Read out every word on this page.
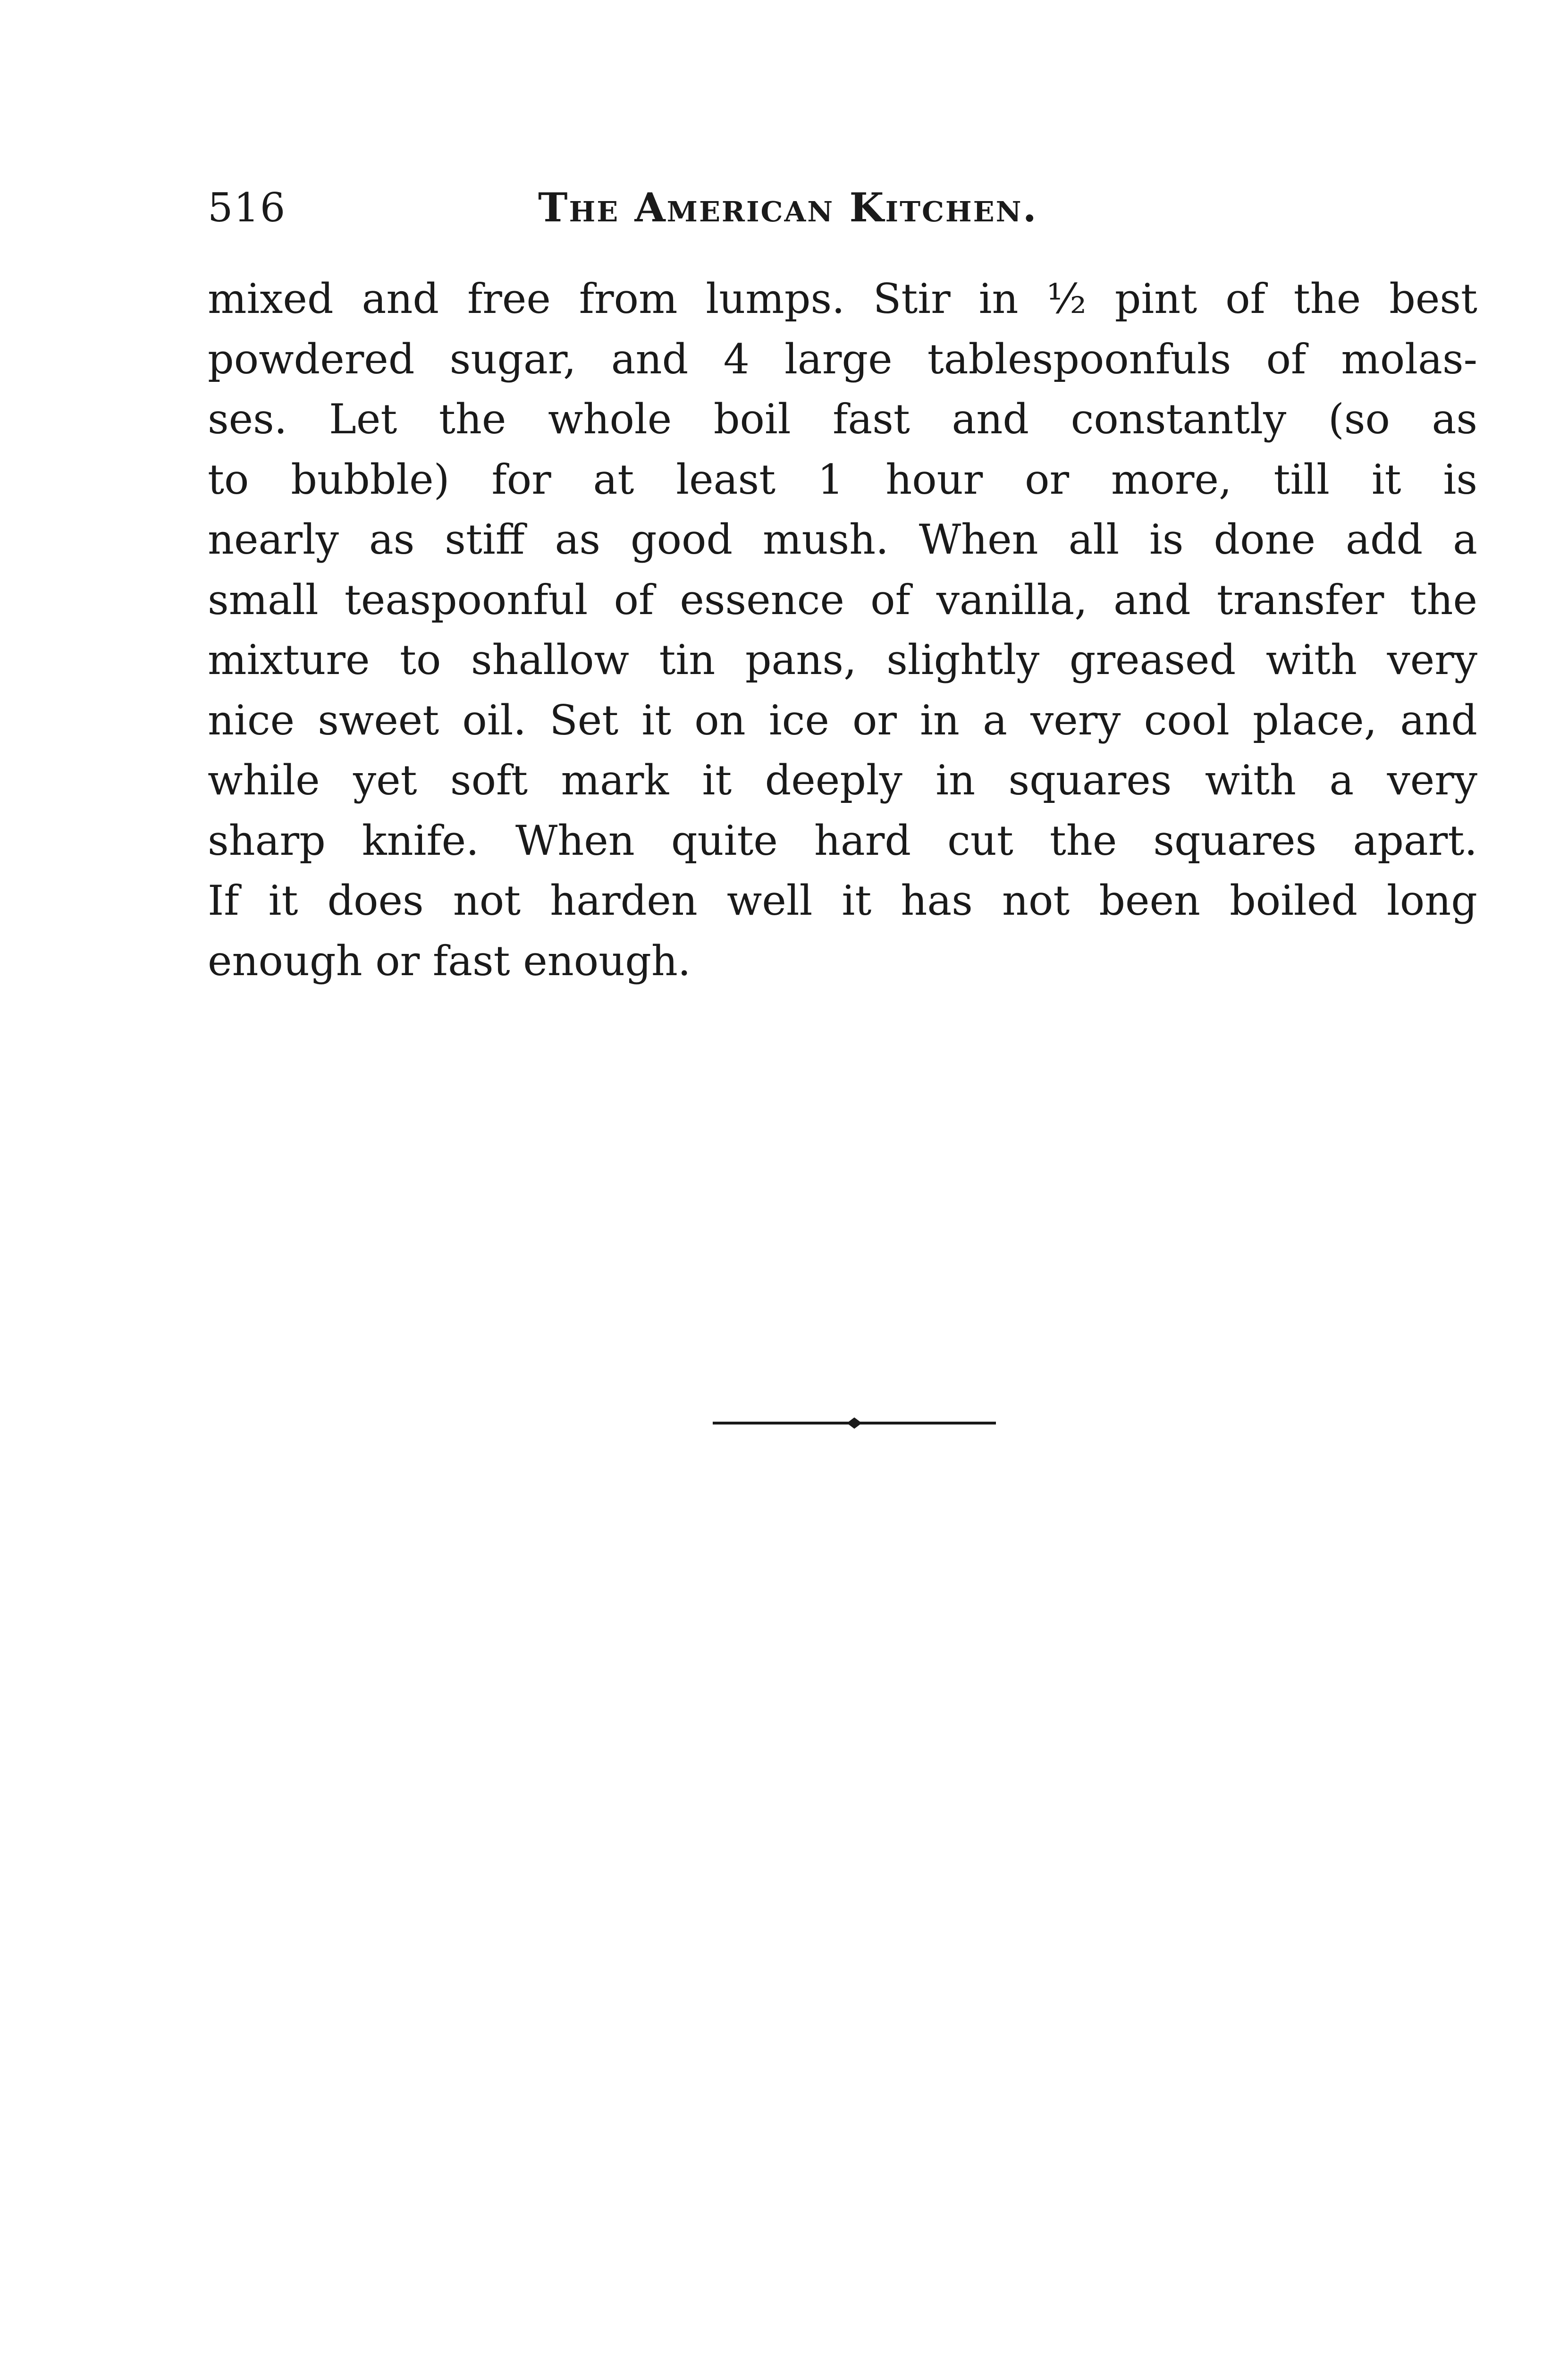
516	The American Kitchen.
mixed and free from lumps. Stir in ½ pint of the best
powdered sugar, and 4 large tablespoonfuls of molas-
ses. Let the whole boil fast and constantly (so as
to bubble) for at least 1 hour or more, till it is
nearly as stiff as good mush. When all is done add a
small teaspoonful of essence of vanilla, and transfer the
mixture to shallow tin pans, slightly greased with very
nice sweet oil. Set it on ice or in a very cool place, and
while yet soft mark it deeply in squares with a very
sharp knife. When quite hard cut the squares apart.
If it does not harden well it has not been boiled long
enough or fast enough.
